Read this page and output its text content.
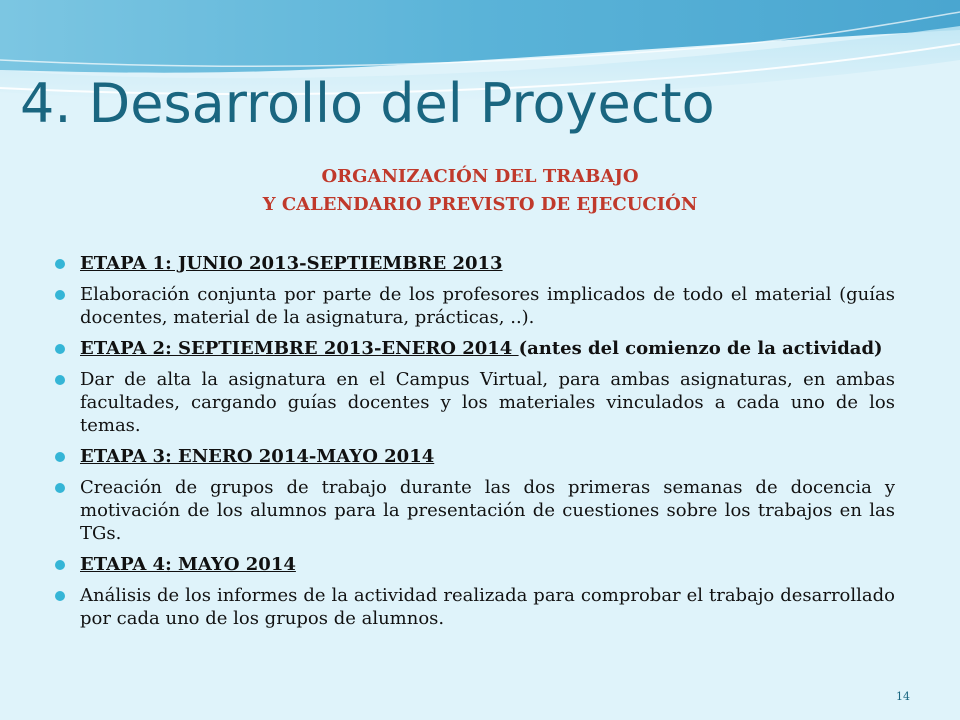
4. Desarrollo del Proyecto
ORGANIZACIÓN DEL TRABAJO
Y CALENDARIO PREVISTO DE EJECUCIÓN
ETAPA 1: JUNIO 2013-SEPTIEMBRE 2013
Elaboración conjunta por parte de los profesores implicados de todo el material (guías docentes, material de la asignatura, prácticas, ..).
ETAPA 2: SEPTIEMBRE 2013-ENERO 2014 (antes del comienzo de la actividad)
Dar de alta la asignatura en el Campus Virtual, para ambas asignaturas, en ambas facultades, cargando guías docentes y los materiales vinculados a cada uno de los temas.
ETAPA 3: ENERO 2014-MAYO 2014
Creación de grupos de trabajo durante las dos primeras semanas de docencia y motivación de los alumnos para la presentación de cuestiones sobre los trabajos en las TGs.
ETAPA 4: MAYO 2014
Análisis de los informes de la actividad realizada para comprobar el trabajo desarrollado por cada uno de los grupos de alumnos.
14
